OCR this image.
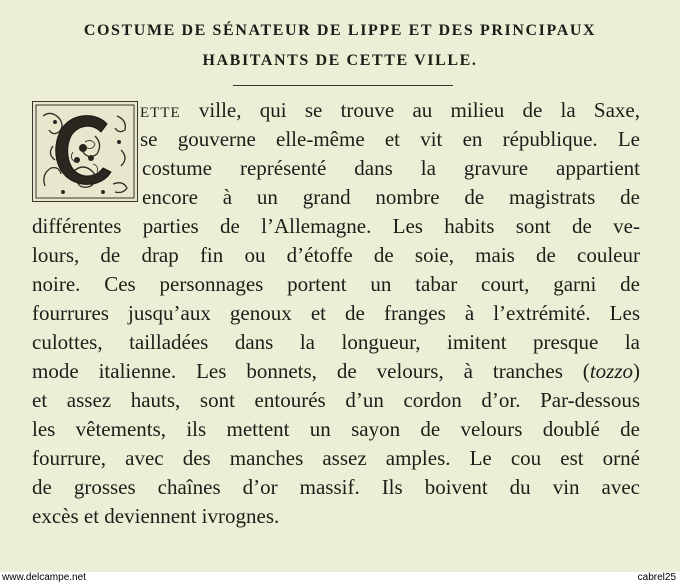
COSTUME DE SÉNATEUR DE LIPPE ET DES PRINCIPAUX
HABITANTS DE CETTE VILLE.
ette ville, qui se trouve au milieu de la Saxe,
se gouverne elle-même et vit en république. Le
costume représenté dans la gravure appartient
encore à un grand nombre de magistrats de
différentes parties de l’Allemagne. Les habits sont de ve-
lours, de drap fin ou d’étoffe de soie, mais de couleur
noire. Ces personnages portent un tabar court, garni de
fourrures jusqu’aux genoux et de franges à l’extrémité. Les
culottes, tailladées dans la longueur, imitent presque la
mode italienne. Les bonnets, de velours, à tranches (tozzo)
et assez hauts, sont entourés d’un cordon d’or. Par-dessous
les vêtements, ils mettent un sayon de velours doublé de
fourrure, avec des manches assez amples. Le cou est orné
de grosses chaînes d’or massif. Ils boivent du vin avec
excès et deviennent ivrognes.
www.delcampe.net	cabrel25
